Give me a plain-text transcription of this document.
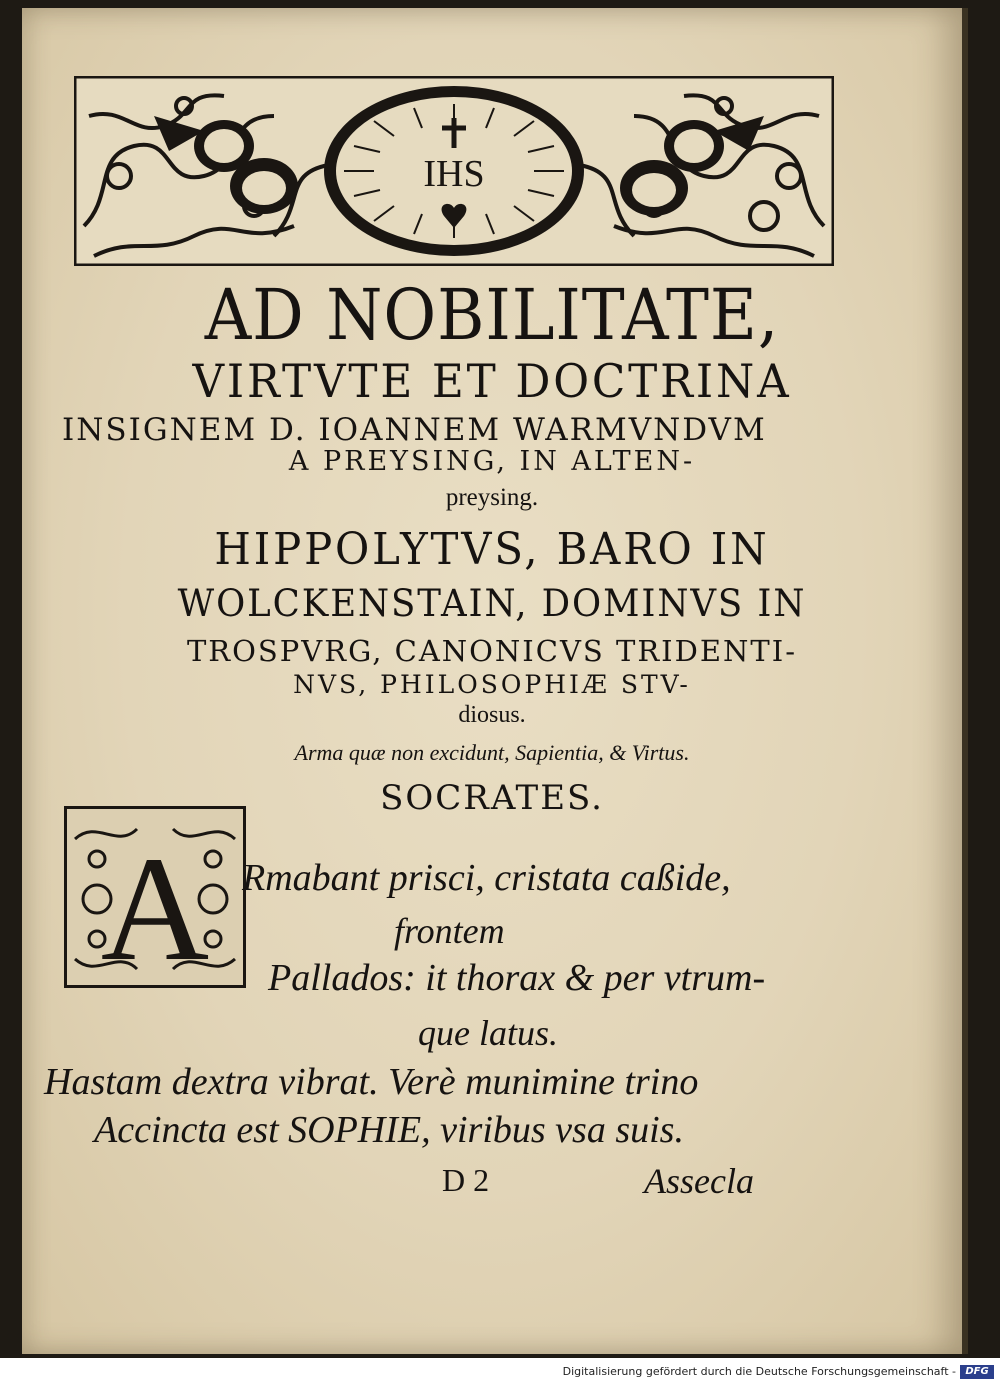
IHS
AD NOBILITATE,
VIRTVTE ET DOCTRINA
INSIGNEM D. IOANNEM WARMVNDVM
A PREYSING, IN ALTEN-
preysing.
HIPPOLYTVS, BARO IN
WOLCKENSTAIN, DOMINVS IN
TROSPVRG, CANONICVS TRIDENTI-
NVS, PHILOSOPHIÆ STV-
diosus.
Arma quæ non excidunt, Sapientia, & Virtus.
SOCRATES.
A Rmabant prisci, cristata caßide,
frontem
Pallados: it thorax & per vtrum-
que latus.
Hastam dextra vibrat. Verè munimine trino
Accincta est SOPHIE, viribus vsa suis.
D 2	Assecla
Digitalisierung gefördert durch die Deutsche Forschungsgemeinschaft - DFG
